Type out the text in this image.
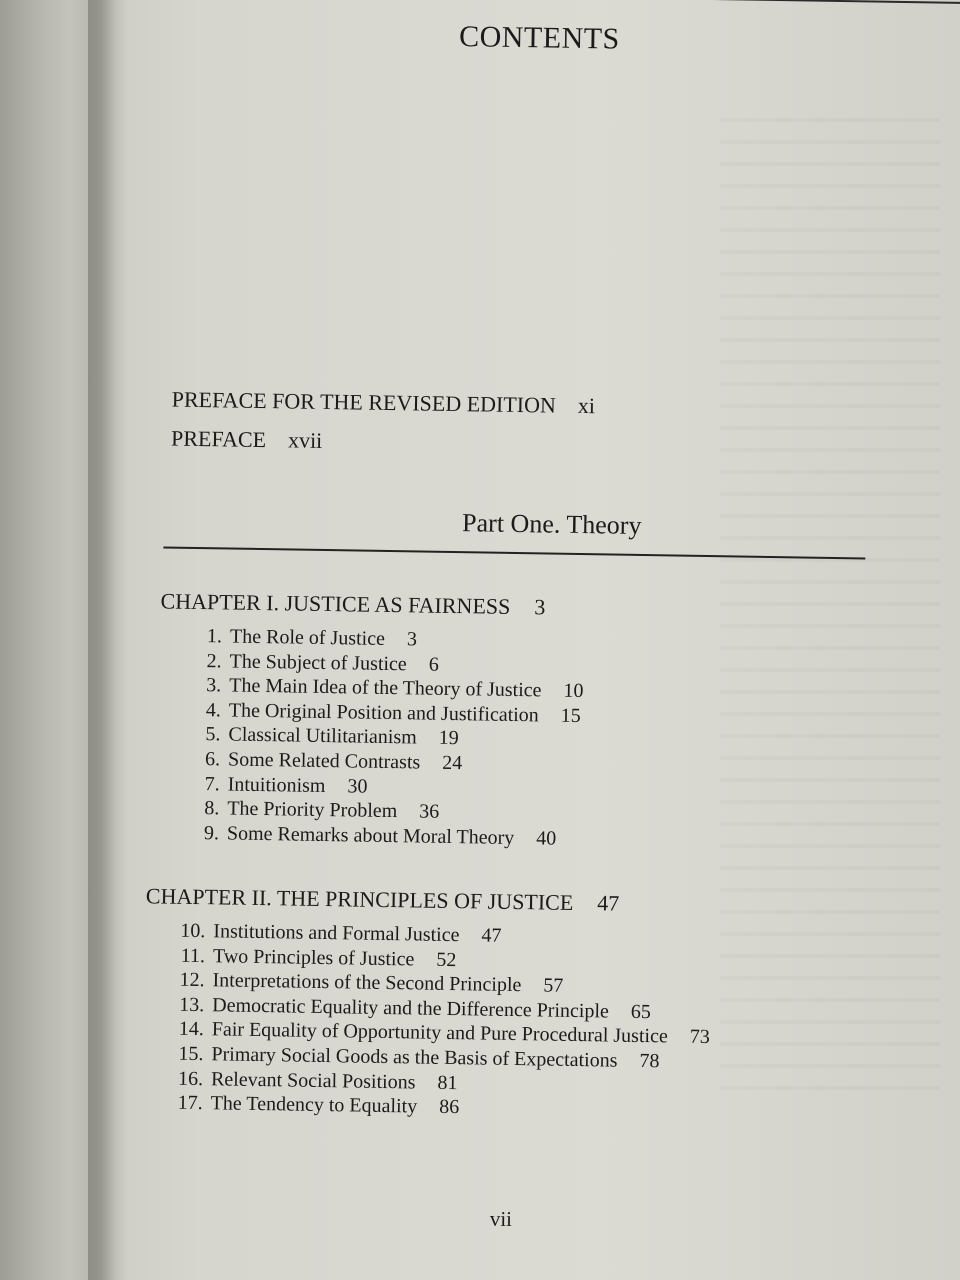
CONTENTS
PREFACE FOR THE REVISED EDITION xi
PREFACE xvii
Part One. Theory
CHAPTER I. JUSTICE AS FAIRNESS 3
1. The Role of Justice 3
2. The Subject of Justice 6
3. The Main Idea of the Theory of Justice 10
4. The Original Position and Justification 15
5. Classical Utilitarianism 19
6. Some Related Contrasts 24
7. Intuitionism 30
8. The Priority Problem 36
9. Some Remarks about Moral Theory 40
CHAPTER II. THE PRINCIPLES OF JUSTICE 47
10. Institutions and Formal Justice 47
11. Two Principles of Justice 52
12. Interpretations of the Second Principle 57
13. Democratic Equality and the Difference Principle 65
14. Fair Equality of Opportunity and Pure Procedural Justice 73
15. Primary Social Goods as the Basis of Expectations 78
16. Relevant Social Positions 81
17. The Tendency to Equality 86
vii
